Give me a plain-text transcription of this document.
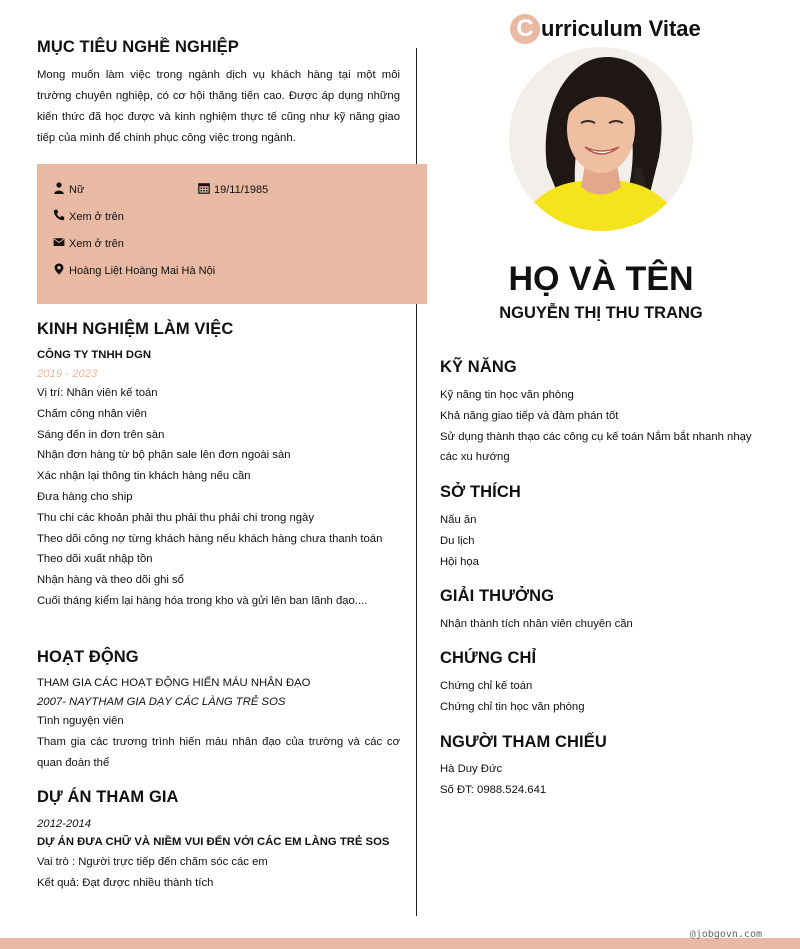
@jobgovn.com
MỤC TIÊU NGHỀ NGHIỆP

Mong muốn làm việc trong ngành dịch vụ khách hàng tại một môi trường chuyên nghiệp, có cơ hội thăng tiến cao. Được áp dụng những kiến thức đã học được và kinh nghiệm thực tế cũng như kỹ năng giao tiếp của mình để chinh phục công việc trong ngành.

Nữ	19/11/1985
Xem ở trên
Xem ở trên
Hoàng Liệt Hoàng Mai Hà Nội
KINH NGHIỆM LÀM VIỆC

CÔNG TY TNHH DGN

2019 - 2023

Vị trí: Nhân viên kế toán

Chấm công nhân viên

Sáng đến in đơn trên sàn

Nhận đơn hàng từ bộ phận sale lên đơn ngoài sàn

Xác nhận lại thông tin khách hàng nếu cần

Đưa hàng cho ship

Thu chi các khoản phải thu phải thu phải chi trong ngày

Theo dõi công nợ từng khách hàng nếu khách hàng chưa thanh toán

Theo dõi xuất nhập tồn

Nhận hàng và theo dõi ghi sổ

Cuối tháng kiểm lại hàng hóa trong kho và gửi lên ban lãnh đạo....

HOẠT ĐỘNG

THAM GIA CÁC HOẠT ĐỘNG HIẾN MÁU NHÂN ĐẠO

2007- NAYTHAM GIA DẠY CÁC LÀNG TRẺ SOS

Tình nguyện viên

Tham gia các trương trình hiến máu nhân đạo của trường và các cơ quan đoàn thể

DỰ ÁN THAM GIA

2012-2014

DỰ ÁN ĐƯA CHỮ VÀ NIỀM VUI ĐẾN VỚI CÁC EM LÀNG TRẺ SOS

Vai trò : Người trực tiếp đến chăm sóc các em

Kết quả: Đạt được nhiều thành tích

C urriculum Vitae
HỌ VÀ TÊN
NGUYỄN THỊ THU TRANG
KỸ NĂNG

Kỹ năng tin học văn phòng

Khả năng giao tiếp và đàm phán tốt

Sử dụng thành thạo các công cụ kế toán Nắm bắt nhanh nhạy

các xu hướng

SỞ THÍCH

Nấu ăn

Du lịch

Hội họa

GIẢI THƯỞNG

Nhận thành tích nhân viên chuyên cần

CHỨNG CHỈ

Chứng chỉ kế toán

Chứng chỉ tin học văn phòng

NGƯỜI THAM CHIẾU

Hà Duy Đức

Số ĐT: 0988.524.641
